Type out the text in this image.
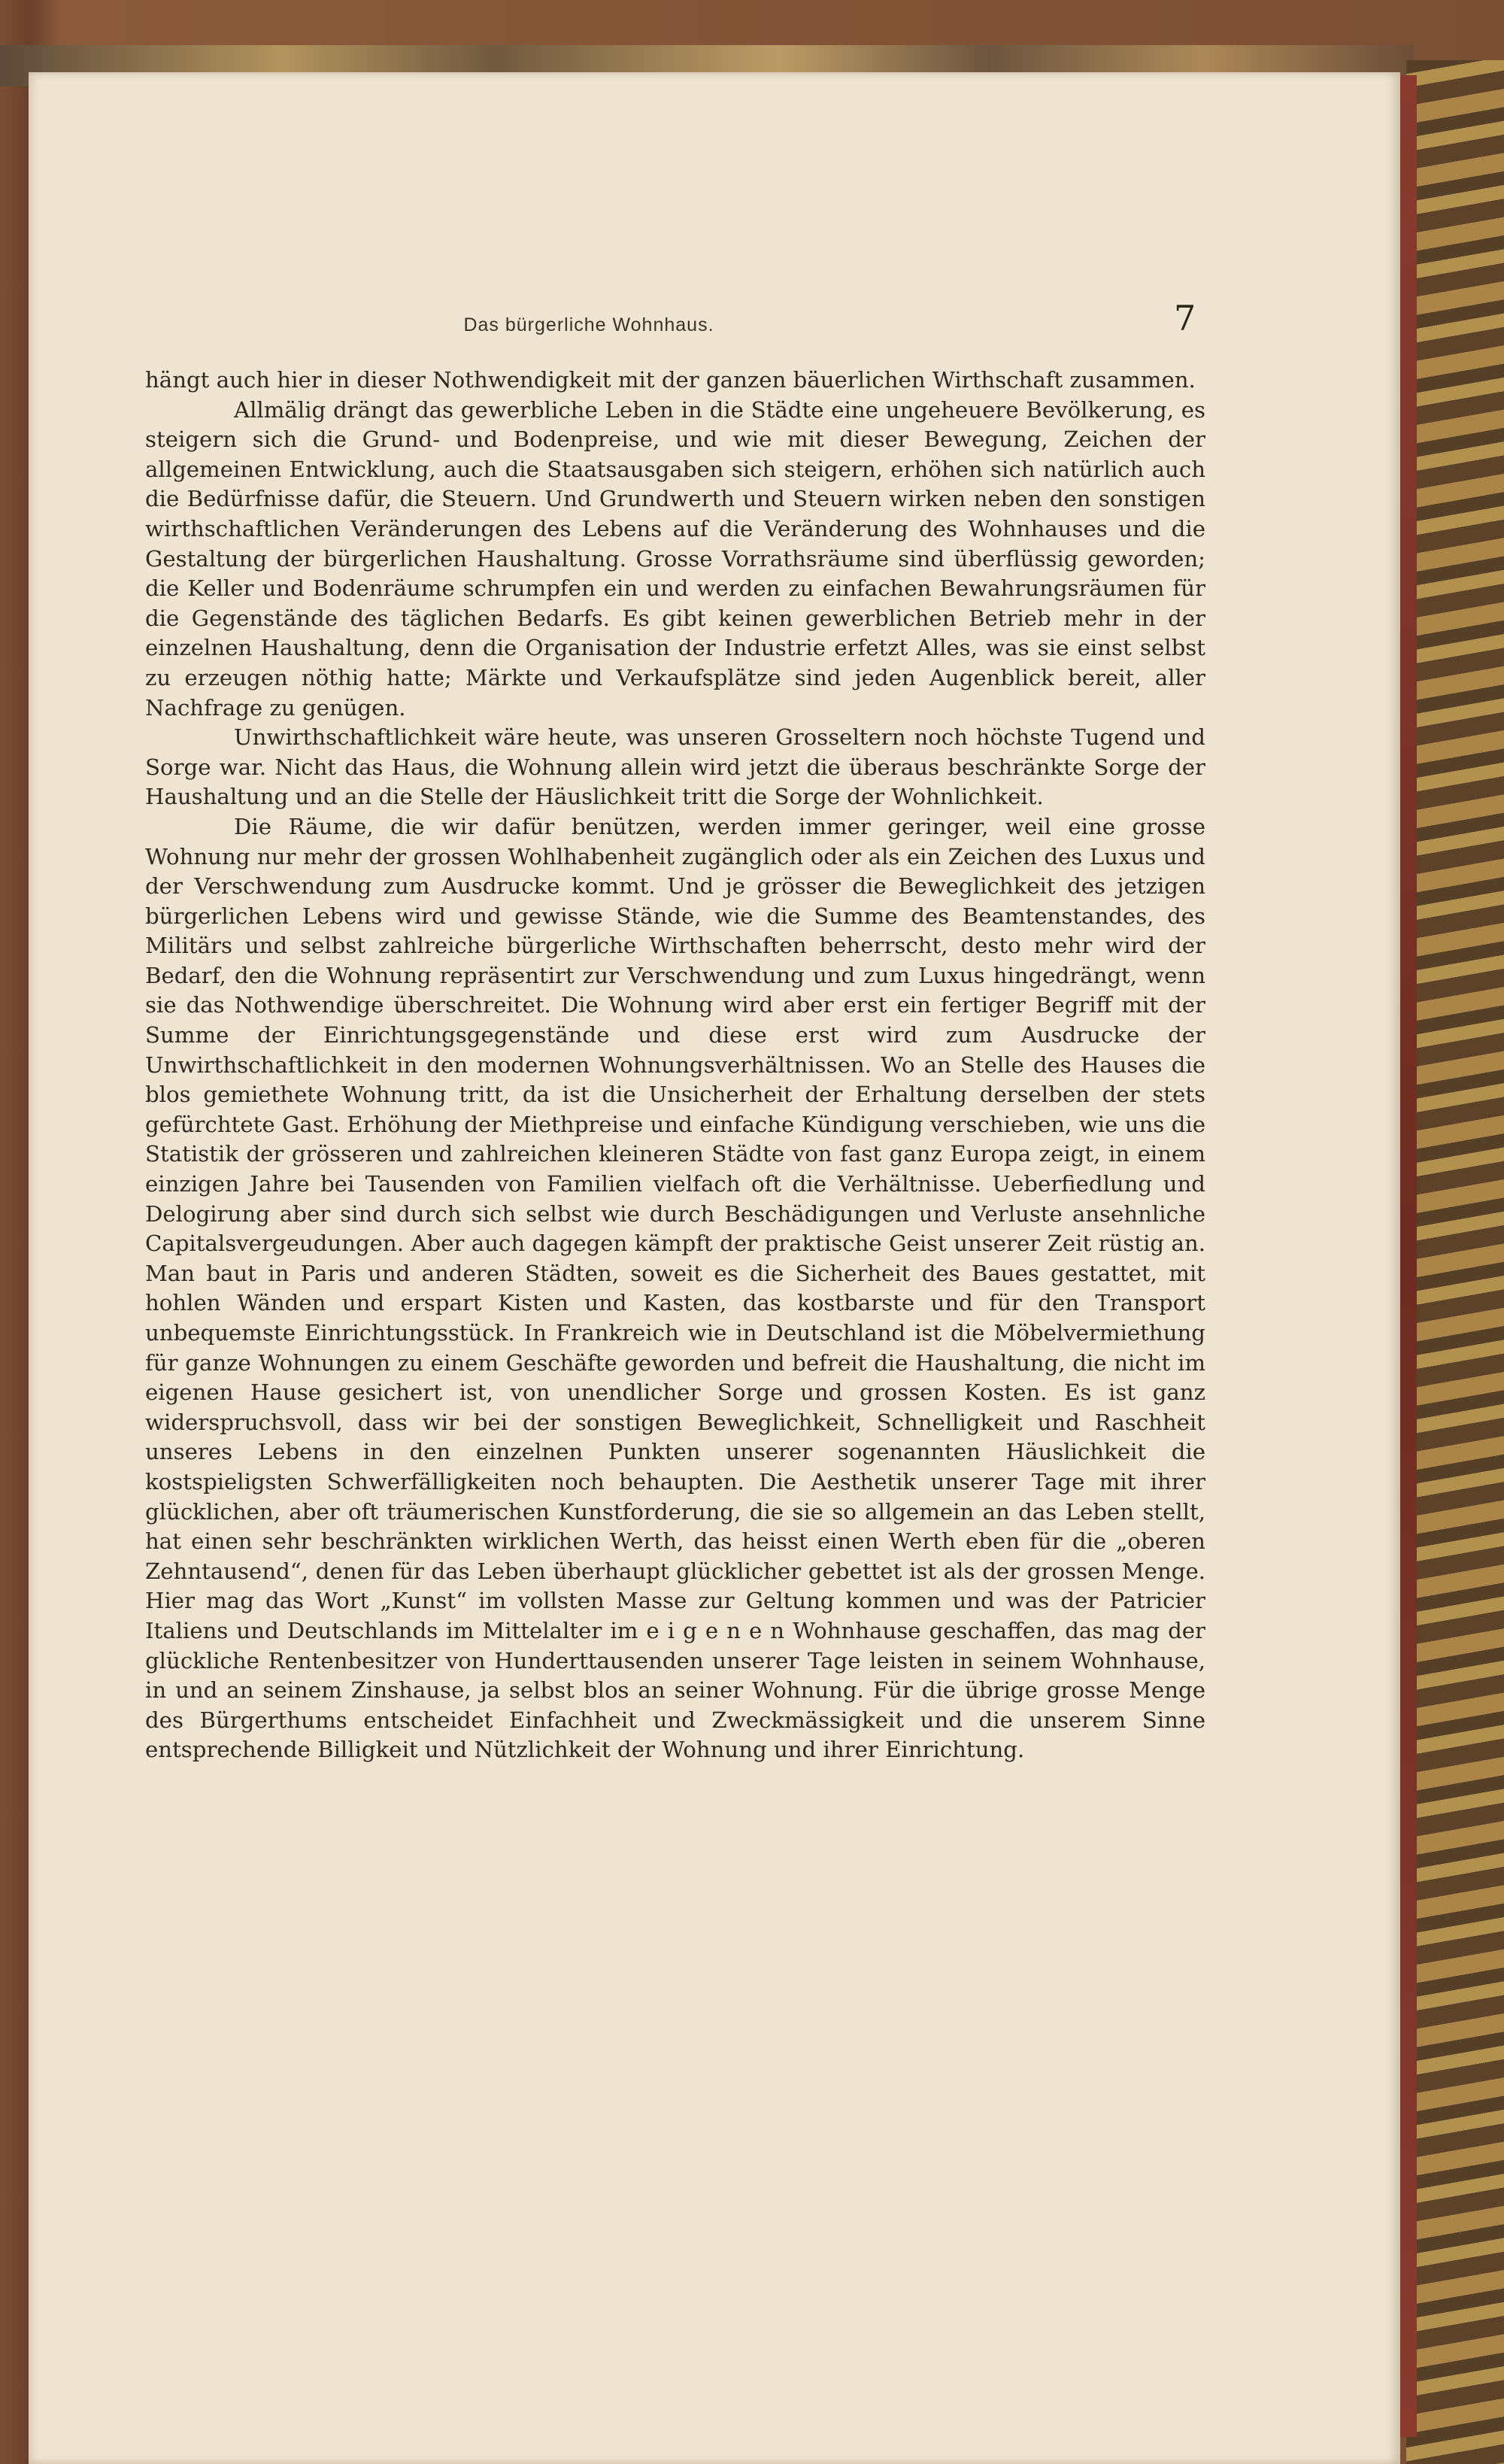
Das bürgerliche Wohnhaus.	7

hängt auch hier in dieser Nothwendigkeit mit der ganzen bäuerlichen Wirthschaft zusammen.

Allmälig drängt das gewerbliche Leben in die Städte eine ungeheuere Bevölkerung, es steigern sich die Grund- und Bodenpreise, und wie mit dieser Bewegung, Zeichen der allgemeinen Entwicklung, auch die Staatsausgaben sich steigern, erhöhen sich natürlich auch die Bedürfnisse dafür, die Steuern. Und Grundwerth und Steuern wirken neben den sonstigen wirthschaftlichen Veränderungen des Lebens auf die Veränderung des Wohnhauses und die Gestaltung der bürgerlichen Haushaltung. Grosse Vorrathsräume sind überflüssig geworden; die Keller und Bodenräume schrumpfen ein und werden zu einfachen Bewahrungsräumen für die Gegenstände des täglichen Bedarfs. Es gibt keinen gewerblichen Betrieb mehr in der einzelnen Haushaltung, denn die Organisation der Industrie erfetzt Alles, was sie einst selbst zu erzeugen nöthig hatte; Märkte und Verkaufsplätze sind jeden Augenblick bereit, aller Nachfrage zu genügen.

Unwirthschaftlichkeit wäre heute, was unseren Grosseltern noch höchste Tugend und Sorge war. Nicht das Haus, die Wohnung allein wird jetzt die überaus beschränkte Sorge der Haushaltung und an die Stelle der Häuslichkeit tritt die Sorge der Wohnlichkeit.

Die Räume, die wir dafür benützen, werden immer geringer, weil eine grosse Wohnung nur mehr der grossen Wohlhabenheit zugänglich oder als ein Zeichen des Luxus und der Verschwendung zum Ausdrucke kommt. Und je grösser die Beweglichkeit des jetzigen bürgerlichen Lebens wird und gewisse Stände, wie die Summe des Beamtenstandes, des Militärs und selbst zahlreiche bürgerliche Wirthschaften beherrscht, desto mehr wird der Bedarf, den die Wohnung repräsentirt zur Verschwendung und zum Luxus hingedrängt, wenn sie das Nothwendige überschreitet. Die Wohnung wird aber erst ein fertiger Begriff mit der Summe der Einrichtungsgegenstände und diese erst wird zum Ausdrucke der Unwirthschaftlichkeit in den modernen Wohnungsverhältnissen. Wo an Stelle des Hauses die blos gemiethete Wohnung tritt, da ist die Unsicherheit der Erhaltung derselben der stets gefürchtete Gast. Erhöhung der Miethpreise und einfache Kündigung verschieben, wie uns die Statistik der grösseren und zahlreichen kleineren Städte von fast ganz Europa zeigt, in einem einzigen Jahre bei Tausenden von Familien vielfach oft die Verhältnisse. Ueberfiedlung und Delogirung aber sind durch sich selbst wie durch Beschädigungen und Verluste ansehnliche Capitalsvergeudungen. Aber auch dagegen kämpft der praktische Geist unserer Zeit rüstig an. Man baut in Paris und anderen Städten, soweit es die Sicherheit des Baues gestattet, mit hohlen Wänden und erspart Kisten und Kasten, das kostbarste und für den Transport unbequemste Einrichtungsstück. In Frankreich wie in Deutschland ist die Möbelvermiethung für ganze Wohnungen zu einem Geschäfte geworden und befreit die Haushaltung, die nicht im eigenen Hause gesichert ist, von unendlicher Sorge und grossen Kosten. Es ist ganz widerspruchsvoll, dass wir bei der sonstigen Beweglichkeit, Schnelligkeit und Raschheit unseres Lebens in den einzelnen Punkten unserer sogenannten Häuslichkeit die kostspieligsten Schwerfälligkeiten noch behaupten. Die Aesthetik unserer Tage mit ihrer glücklichen, aber oft träumerischen Kunstforderung, die sie so allgemein an das Leben stellt, hat einen sehr beschränkten wirklichen Werth, das heisst einen Werth eben für die „oberen Zehntausend“, denen für das Leben überhaupt glücklicher gebettet ist als der grossen Menge. Hier mag das Wort „Kunst“ im vollsten Masse zur Geltung kommen und was der Patricier Italiens und Deutschlands im Mittelalter im e i g e n e n Wohnhause geschaffen, das mag der glückliche Rentenbesitzer von Hunderttausenden unserer Tage leisten in seinem Wohnhause, in und an seinem Zinshause, ja selbst blos an seiner Wohnung. Für die übrige grosse Menge des Bürgerthums entscheidet Einfachheit und Zweckmässigkeit und die unserem Sinne entsprechende Billigkeit und Nützlichkeit der Wohnung und ihrer Einrichtung.
